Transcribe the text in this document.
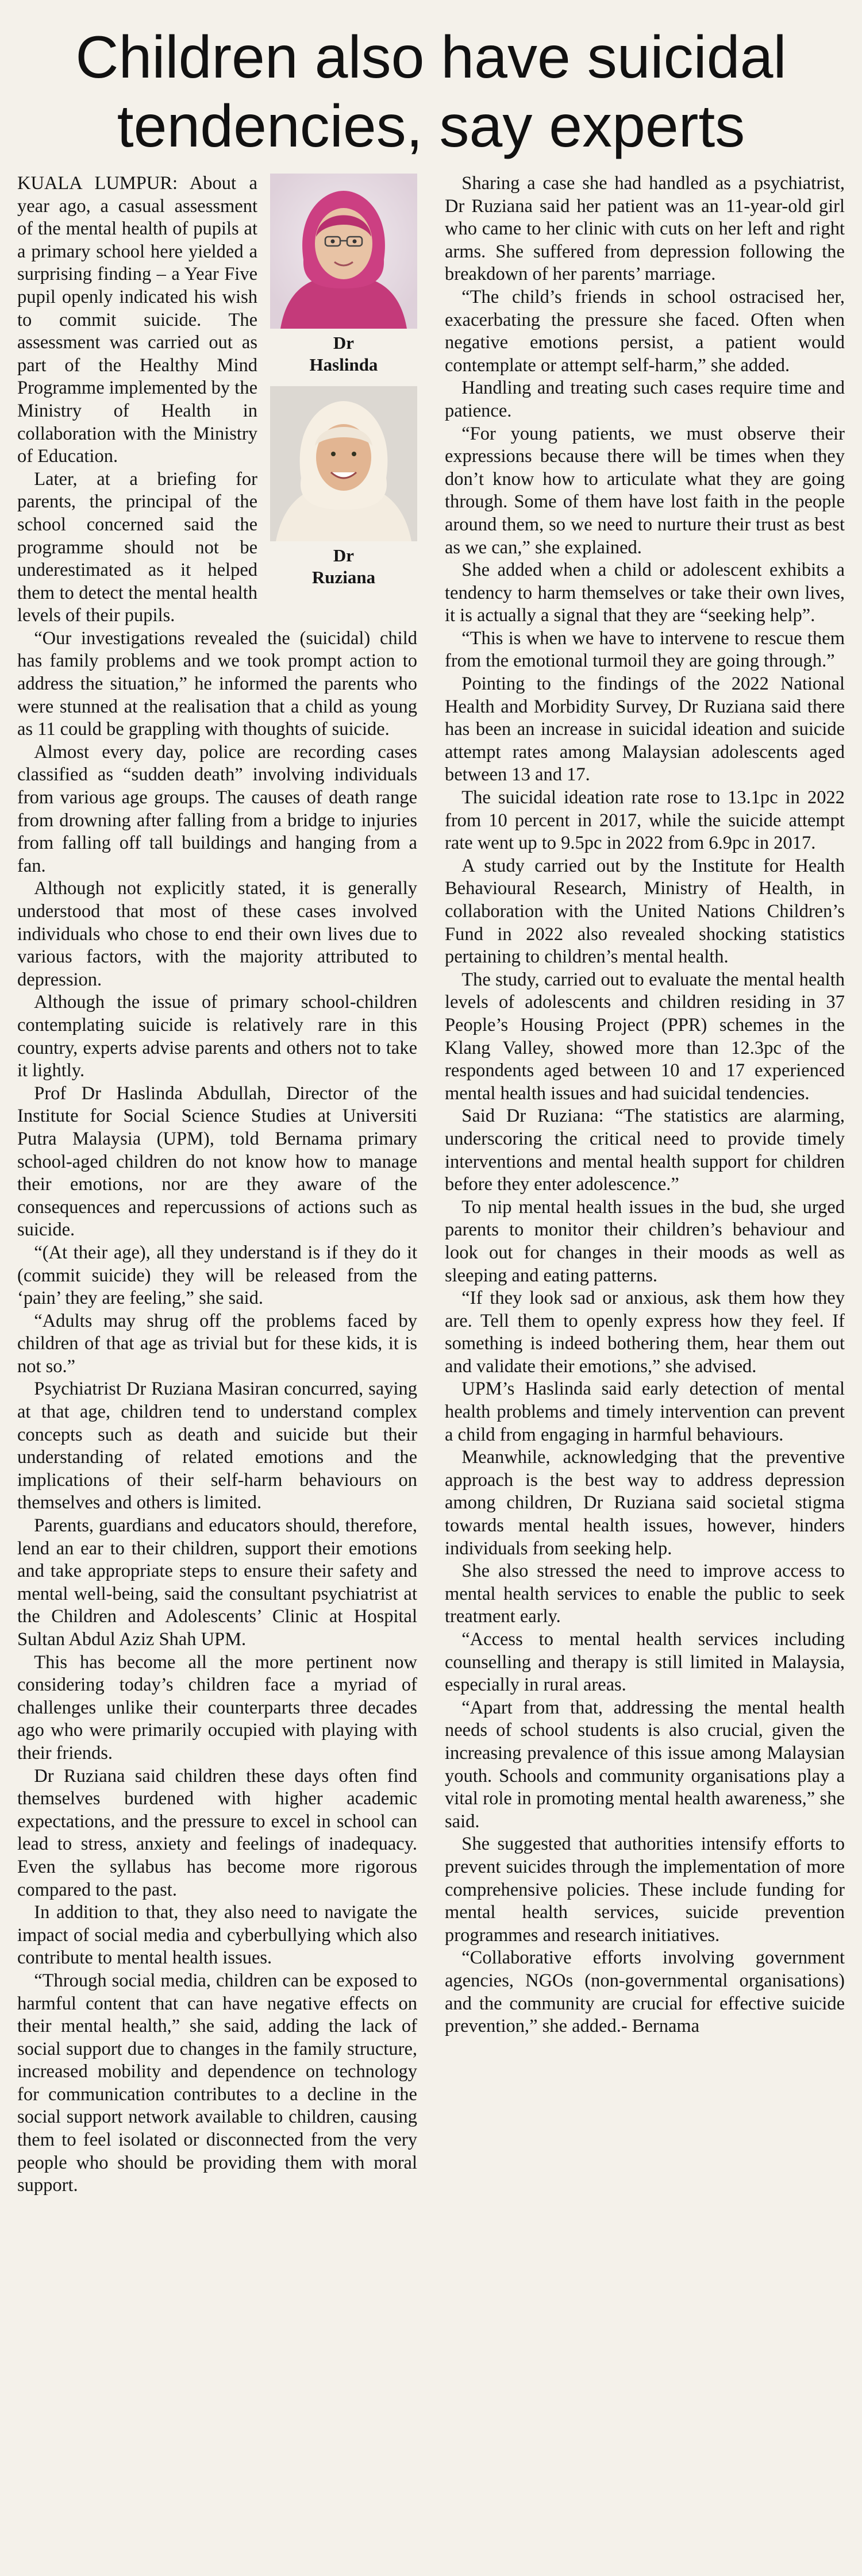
Children also have suicidal tendencies, say experts
Dr
Haslinda
Dr
Ruziana

KUALA LUMPUR: About a year ago, a casual assessment of the mental health of pupils at a primary school here yielded a surprising finding – a Year Five pupil openly indicated his wish to commit suicide. The assessment was carried out as part of the Healthy Mind Programme implemented by the Ministry of Health in collaboration with the Ministry of Education.

Later, at a briefing for parents, the principal of the school concerned said the programme should not be underestimated as it helped them to detect the mental health levels of their pupils.

“Our investigations revealed the (suicidal) child has family problems and we took prompt action to address the situation,” he informed the parents who were stunned at the realisation that a child as young as 11 could be grappling with thoughts of suicide.

Almost every day, police are recording cases classified as “sudden death” involving individuals from various age groups. The causes of death range from drowning after falling from a bridge to injuries from falling off tall buildings and hanging from a fan.

Although not explicitly stated, it is generally understood that most of these cases involved individuals who chose to end their own lives due to various factors, with the majority attributed to depression.

Although the issue of primary school-children contemplating suicide is relatively rare in this country, experts advise parents and others not to take it lightly.

Prof Dr Haslinda Abdullah, Director of the Institute for Social Science Studies at Universiti Putra Malaysia (UPM), told Bernama primary school-aged children do not know how to manage their emotions, nor are they aware of the consequences and repercussions of actions such as suicide.

“(At their age), all they understand is if they do it (commit suicide) they will be released from the ‘pain’ they are feeling,” she said.

“Adults may shrug off the problems faced by children of that age as trivial but for these kids, it is not so.”

Psychiatrist Dr Ruziana Masiran concurred, saying at that age, children tend to understand complex concepts such as death and suicide but their understanding of related emotions and the implications of their self-harm behaviours on themselves and others is limited.

Parents, guardians and educators should, therefore, lend an ear to their children, support their emotions and take appropriate steps to ensure their safety and mental well-being, said the consultant psychiatrist at the Children and Adolescents’ Clinic at Hospital Sultan Abdul Aziz Shah UPM.

This has become all the more pertinent now considering today’s children face a myriad of challenges unlike their counterparts three decades ago who were primarily occupied with playing with their friends.

Dr Ruziana said children these days often find themselves burdened with higher academic expectations, and the pressure to excel in school can lead to stress, anxiety and feelings of inadequacy. Even the syllabus has become more rigorous compared to the past.

In addition to that, they also need to navigate the impact of social media and cyberbullying which also contribute to mental health issues.

“Through social media, children can be exposed to harmful content that can have negative effects on their mental health,” she said, adding the lack of social support due to changes in the family structure, increased mobility and dependence on technology for communication contributes to a decline in the social support network available to children, causing them to feel isolated or disconnected from the very people who should be providing them with moral support.

Sharing a case she had handled as a psychiatrist, Dr Ruziana said her patient was an 11-year-old girl who came to her clinic with cuts on her left and right arms. She suffered from depression following the breakdown of her parents’ marriage.

“The child’s friends in school ostracised her, exacerbating the pressure she faced. Often when negative emotions persist, a patient would contemplate or attempt self-harm,” she added.

Handling and treating such cases require time and patience.

“For young patients, we must observe their expressions because there will be times when they don’t know how to articulate what they are going through. Some of them have lost faith in the people around them, so we need to nurture their trust as best as we can,” she explained.

She added when a child or adolescent exhibits a tendency to harm themselves or take their own lives, it is actually a signal that they are “seeking help”.

“This is when we have to intervene to rescue them from the emotional turmoil they are going through.”

Pointing to the findings of the 2022 National Health and Morbidity Survey, Dr Ruziana said there has been an increase in suicidal ideation and suicide attempt rates among Malaysian adolescents aged between 13 and 17.

The suicidal ideation rate rose to 13.1pc in 2022 from 10 percent in 2017, while the suicide attempt rate went up to 9.5pc in 2022 from 6.9pc in 2017.

A study carried out by the Institute for Health Behavioural Research, Ministry of Health, in collaboration with the United Nations Children’s Fund in 2022 also revealed shocking statistics pertaining to children’s mental health.

The study, carried out to evaluate the mental health levels of adolescents and children residing in 37 People’s Housing Project (PPR) schemes in the Klang Valley, showed more than 12.3pc of the respondents aged between 10 and 17 experienced mental health issues and had suicidal tendencies.

Said Dr Ruziana: “The statistics are alarming, underscoring the critical need to provide timely interventions and mental health support for children before they enter adolescence.”

To nip mental health issues in the bud, she urged parents to monitor their children’s behaviour and look out for changes in their moods as well as sleeping and eating patterns.

“If they look sad or anxious, ask them how they are. Tell them to openly express how they feel. If something is indeed bothering them, hear them out and validate their emotions,” she advised.

UPM’s Haslinda said early detection of mental health problems and timely intervention can prevent a child from engaging in harmful behaviours.

Meanwhile, acknowledging that the preventive approach is the best way to address depression among children, Dr Ruziana said societal stigma towards mental health issues, however, hinders individuals from seeking help.

She also stressed the need to improve access to mental health services to enable the public to seek treatment early.

“Access to mental health services including counselling and therapy is still limited in Malaysia, especially in rural areas.

“Apart from that, addressing the mental health needs of school students is also crucial, given the increasing prevalence of this issue among Malaysian youth. Schools and community organisations play a vital role in promoting mental health awareness,” she said.

She suggested that authorities intensify efforts to prevent suicides through the implementation of more comprehensive policies. These include funding for mental health services, suicide prevention programmes and research initiatives.

“Collaborative efforts involving government agencies, NGOs (non-governmental organisations) and the community are crucial for effective suicide prevention,” she added.- Bernama
